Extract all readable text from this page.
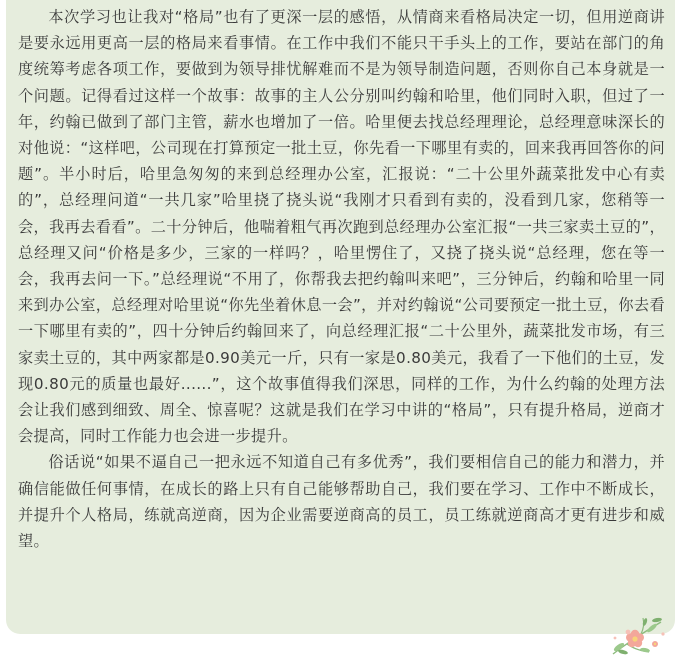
本次学习也让我对“格局”也有了更深一层的感悟，从情商来看格局决定一切，但用逆商讲是要永远用更高一层的格局来看事情。在工作中我们不能只干手头上的工作，要站在部门的角度统筹考虑各项工作，要做到为领导排忧解难而不是为领导制造问题，否则你自己本身就是一个问题。记得看过这样一个故事：故事的主人公分别叫约翰和哈里，他们同时入职，但过了一年，约翰已做到了部门主管，薪水也增加了一倍。哈里便去找总经理理论，总经理意味深长的对他说：“这样吧，公司现在打算预定一批土豆，你先看一下哪里有卖的，回来我再回答你的问题”。半小时后，哈里急匆匆的来到总经理办公室，汇报说：“二十公里外蔬菜批发中心有卖的”，总经理问道“一共几家”哈里挠了挠头说“我刚才只看到有卖的，没看到几家，您稍等一会，我再去看看”。二十分钟后，他喘着粗气再次跑到总经理办公室汇报“一共三家卖土豆的”，总经理又问“价格是多少，三家的一样吗？，哈里愣住了，又挠了挠头说“总经理，您在等一会，我再去问一下。”总经理说“不用了，你帮我去把约翰叫来吧”，三分钟后，约翰和哈里一同来到办公室，总经理对哈里说“你先坐着休息一会”，并对约翰说“公司要预定一批土豆，你去看一下哪里有卖的”，四十分钟后约翰回来了，向总经理汇报“二十公里外，蔬菜批发市场，有三家卖土豆的，其中两家都是0.90美元一斤，只有一家是0.80美元，我看了一下他们的土豆，发现0.80元的质量也最好......”，这个故事值得我们深思，同样的工作，为什么约翰的处理方法会让我们感到细致、周全、惊喜呢？这就是我们在学习中讲的“格局”，只有提升格局，逆商才会提高，同时工作能力也会进一步提升。

俗话说“如果不逼自己一把永远不知道自己有多优秀”，我们要相信自己的能力和潜力，并确信能做任何事情，在成长的路上只有自己能够帮助自己，我们要在学习、工作中不断成长，并提升个人格局，练就高逆商，因为企业需要逆商高的员工，员工练就逆商高才更有进步和威望。
